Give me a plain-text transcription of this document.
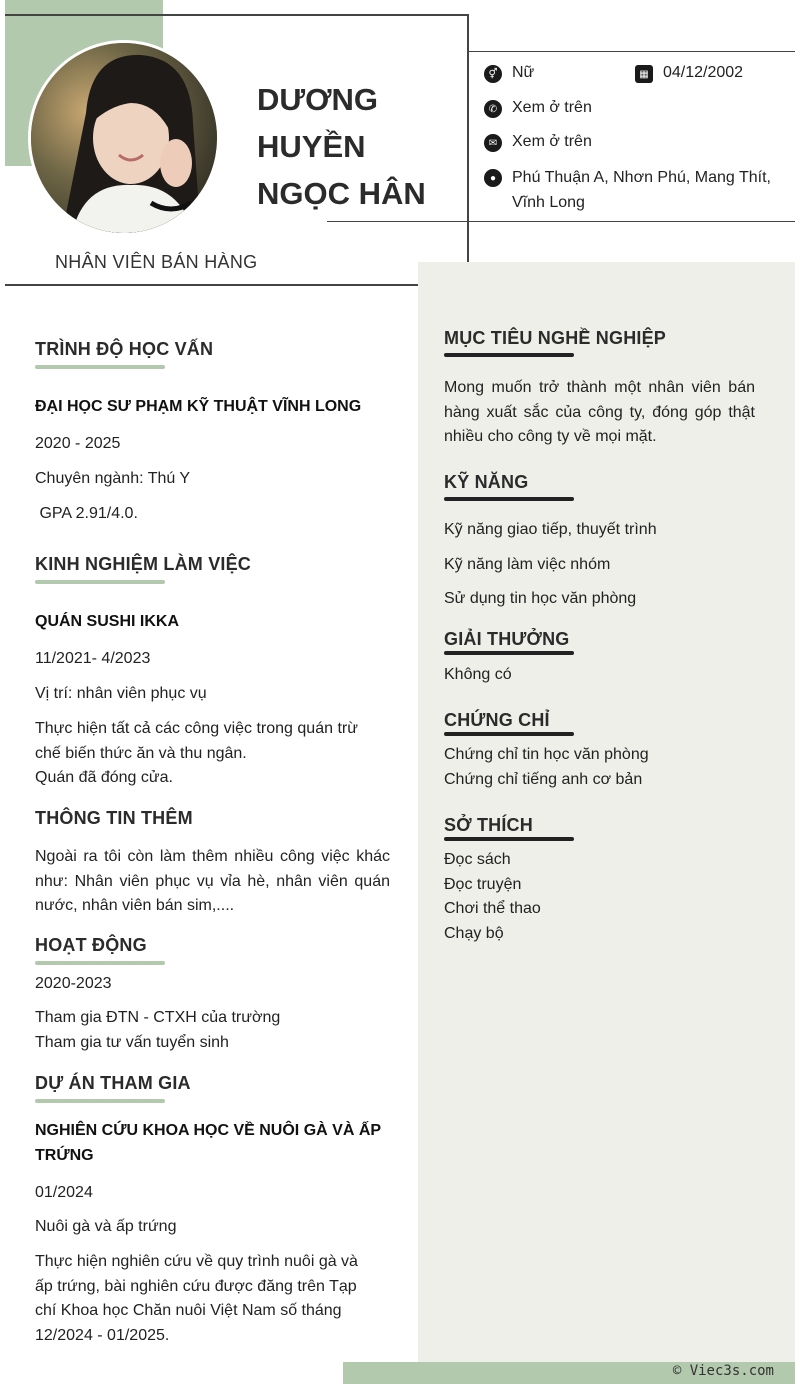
DƯƠNG
HUYỀN
NGỌC HÂN
NHÂN VIÊN BÁN HÀNG
⚥ Nữ	▦ 04/12/2002
✆ Xem ở trên
✉ Xem ở trên
● Phú Thuận A, Nhơn Phú, Mang Thít, Vĩnh Long
TRÌNH ĐỘ HỌC VẤN
ĐẠI HỌC SƯ PHẠM KỸ THUẬT VĨNH LONG
2020 - 2025
Chuyên ngành: Thú Y
GPA 2.91/4.0.
KINH NGHIỆM LÀM VIỆC
QUÁN SUSHI IKKA
11/2021- 4/2023
Vị trí: nhân viên phục vụ
Thực hiện tất cả các công việc trong quán trừ
chế biến thức ăn và thu ngân.
Quán đã đóng cửa.
THÔNG TIN THÊM
Ngoài ra tôi còn làm thêm nhiều công việc khác như: Nhân viên phục vụ vỉa hè, nhân viên quán nước, nhân viên bán sim,....
HOẠT ĐỘNG
2020-2023
Tham gia ĐTN - CTXH của trường
Tham gia tư vấn tuyển sinh
DỰ ÁN THAM GIA
NGHIÊN CỨU KHOA HỌC VỀ NUÔI GÀ VÀ ẤP
TRỨNG
01/2024
Nuôi gà và ấp trứng
Thực hiện nghiên cứu về quy trình nuôi gà và ấp trứng, bài nghiên cứu được đăng trên Tạp chí Khoa học Chăn nuôi Việt Nam số tháng 12/2024 - 01/2025.
MỤC TIÊU NGHỀ NGHIỆP
Mong muốn trở thành một nhân viên bán hàng xuất sắc của công ty, đóng góp thật nhiều cho công ty về mọi mặt.
KỸ NĂNG
Kỹ năng giao tiếp, thuyết trình
Kỹ năng làm việc nhóm
Sử dụng tin học văn phòng
GIẢI THƯỞNG
Không có
CHỨNG CHỈ
Chứng chỉ tin học văn phòng
Chứng chỉ tiếng anh cơ bản
SỞ THÍCH
Đọc sách
Đọc truyện
Chơi thể thao
Chạy bộ
© Viec3s.com
